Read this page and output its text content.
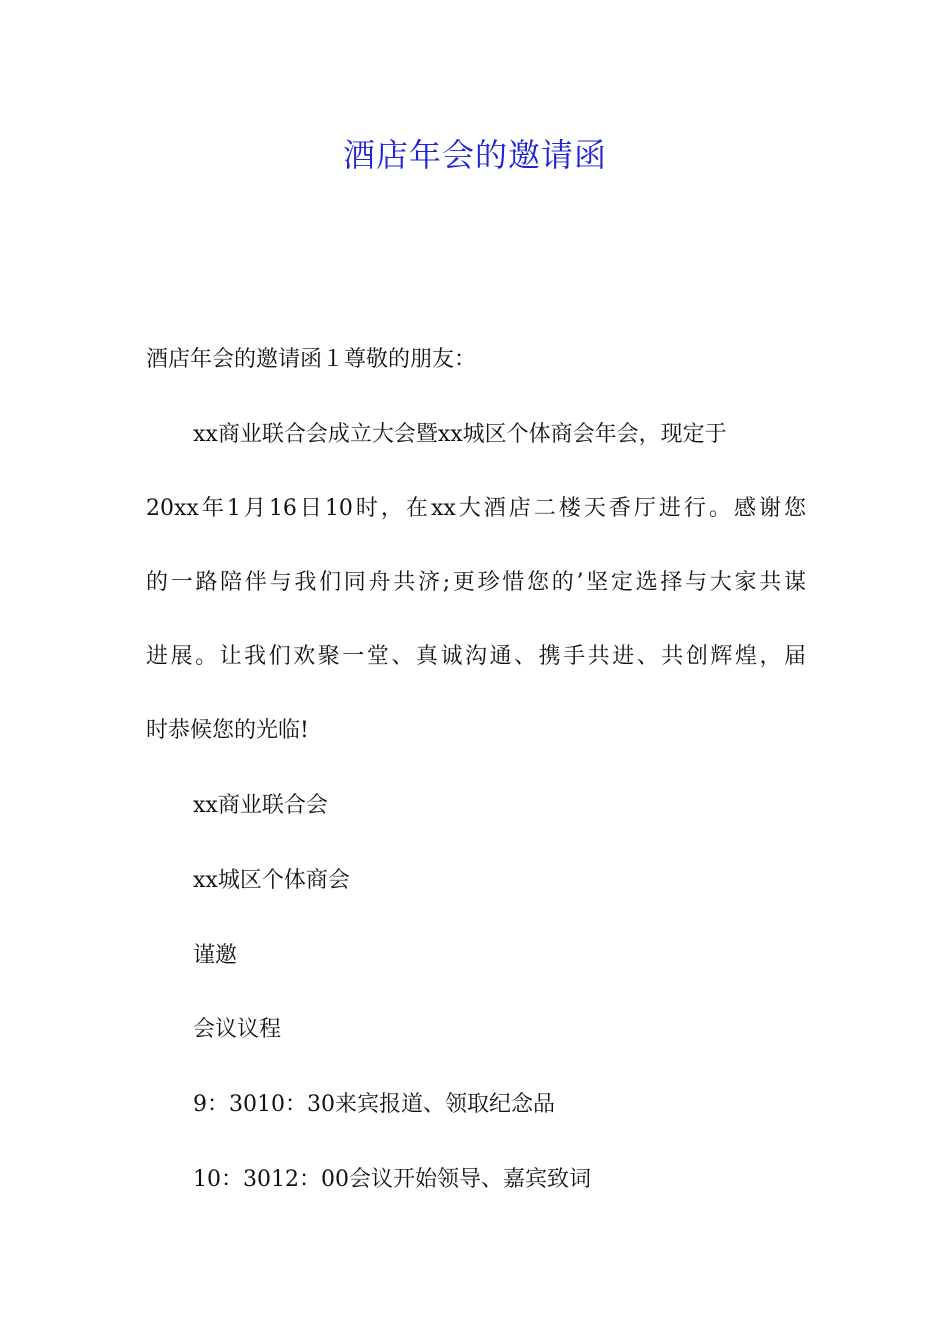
酒店年会的邀请函
酒店年会的邀请函１尊敬的朋友：
xx商业联合会成立大会暨xx城区个体商会年会，现定于
20xx年1月16日10时，在xx大酒店二楼天香厅进行。感谢您
的一路陪伴与我们同舟共济;更珍惜您的’坚定选择与大家共谋
进展。让我们欢聚一堂、真诚沟通、携手共进、共创辉煌，届
时恭候您的光临!
xx商业联合会
xx城区个体商会
谨邀
会议议程
9：3010：30来宾报道、领取纪念品
10：3012：00会议开始领导、嘉宾致词
